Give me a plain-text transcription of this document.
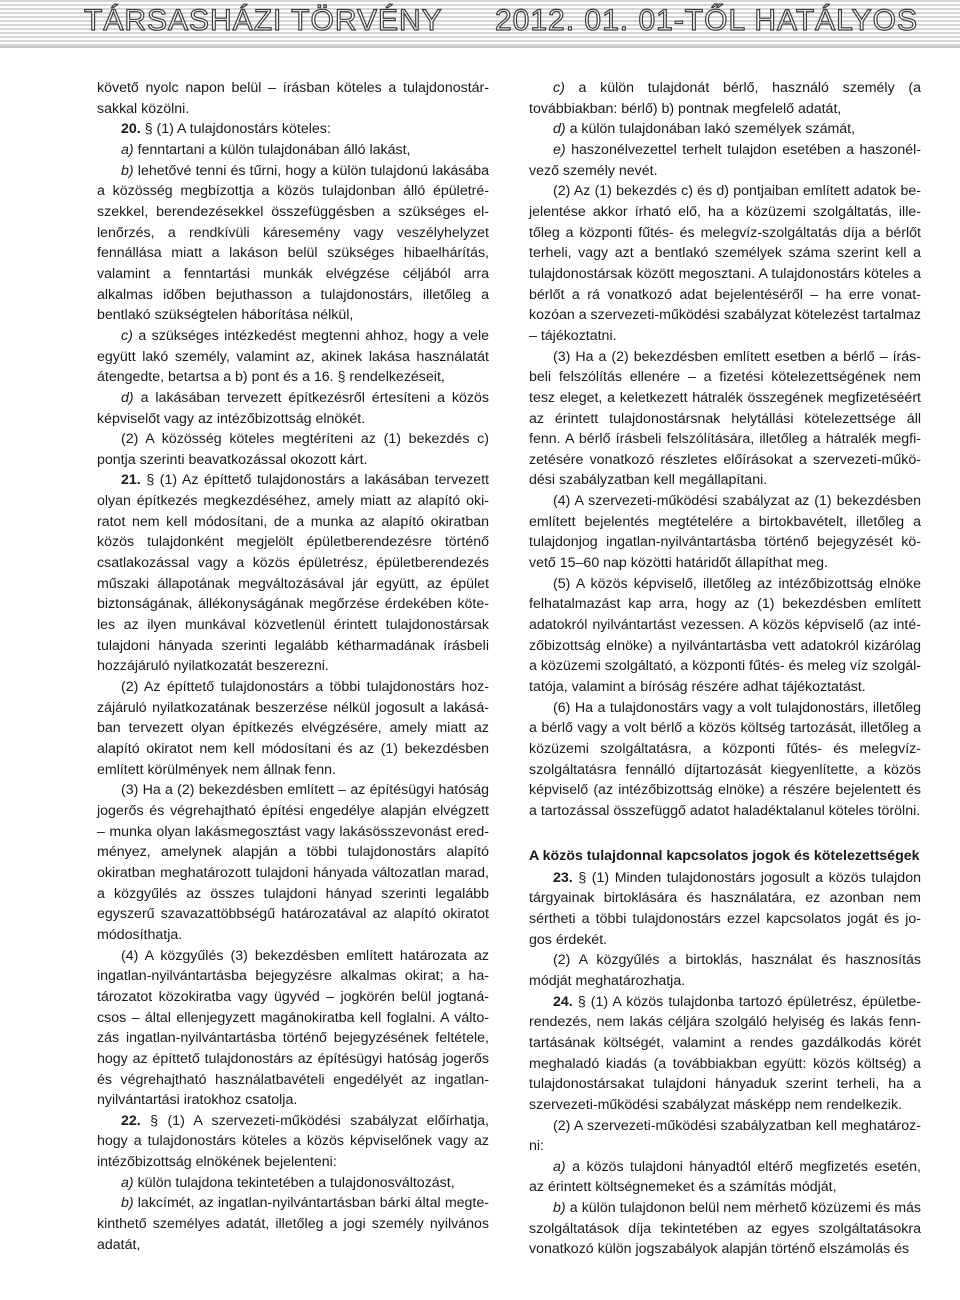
TÁRSASHÁZI TÖRVÉNY 2012. 01. 01-TŐL HATÁLYOS

követő nyolc napon belül – írásban köteles a tulajdonostársakkal közölni.

20. § (1) A tulajdonostárs köteles:

a) fenntartani a külön tulajdonában álló lakást,

b) lehetővé tenni és tűrni, hogy a külön tulajdonú lakásába a közösség megbízottja a közös tulajdonban álló épületrészekkel, berendezésekkel összefüggésben a szükséges ellenőrzés, a rendkívüli káresemény vagy veszélyhelyzet fennállása miatt a lakáson belül szükséges hibaelhárítás, valamint a fenntartási munkák elvégzése céljából arra alkalmas időben bejuthasson a tulajdonostárs, illetőleg a bentlakó szükségtelen háborítása nélkül,

c) a szükséges intézkedést megtenni ahhoz, hogy a vele együtt lakó személy, valamint az, akinek lakása használatát átengedte, betartsa a b) pont és a 16. § rendelkezéseit,

d) a lakásában tervezett építkezésről értesíteni a közös képviselőt vagy az intézőbizottság elnökét.

(2) A közösség köteles megtéríteni az (1) bekezdés c) pontja szerinti beavatkozással okozott kárt.

21. § (1) Az építtető tulajdonostárs a lakásában tervezett olyan építkezés megkezdéséhez, amely miatt az alapító okiratot nem kell módosítani, de a munka az alapító okiratban közös tulajdonként megjelölt épületberendezésre történő csatlakozással vagy a közös épületrész, épületberendezés műszaki állapotának megváltozásával jár együtt, az épület biztonságának, állékonyságának megőrzése érdekében köteles az ilyen munkával közvetlenül érintett tulajdonostársak tulajdoni hányada szerinti legalább kétharmadának írásbeli hozzájáruló nyilatkozatát beszerezni.

(2) Az építtető tulajdonostárs a többi tulajdonostárs hozzájáruló nyilatkozatának beszerzése nélkül jogosult a lakásában tervezett olyan építkezés elvégzésére, amely miatt az alapító okiratot nem kell módosítani és az (1) bekezdésben említett körülmények nem állnak fenn.

(3) Ha a (2) bekezdésben említett – az építésügyi hatóság jogerős és végrehajtható építési engedélye alapján elvégzett – munka olyan lakásmegosztást vagy lakásösszevonást eredményez, amelynek alapján a többi tulajdonostárs alapító okiratban meghatározott tulajdoni hányada változatlan marad, a közgyűlés az összes tulajdoni hányad szerinti legalább egyszerű szavazattöbbségű határozatával az alapító okiratot módosíthatja.

(4) A közgyűlés (3) bekezdésben említett határozata az ingatlan-nyilvántartásba bejegyzésre alkalmas okirat; a határozatot közokiratba vagy ügyvéd – jogkörén belül jogtanácsos – által ellenjegyzett magánokiratba kell foglalni. A változás ingatlan-nyilvántartásba történő bejegyzésének feltétele, hogy az építtető tulajdonostárs az építésügyi hatóság jogerős és végrehajtható használatbavételi engedélyét az ingatlannyilvántartási iratokhoz csatolja.

22. § (1) A szervezeti-működési szabályzat előírhatja, hogy a tulajdonostárs köteles a közös képviselőnek vagy az intézőbizottság elnökének bejelenteni:

a) külön tulajdona tekintetében a tulajdonosváltozást,

b) lakcímét, az ingatlan-nyilvántartásban bárki által megtekinthető személyes adatát, illetőleg a jogi személy nyilvános adatát,

c) a külön tulajdonát bérlő, használó személy (a továbbiakban: bérlő) b) pontnak megfelelő adatát,

d) a külön tulajdonában lakó személyek számát,

e) haszonélvezettel terhelt tulajdon esetében a haszonélvező személy nevét.

(2) Az (1) bekezdés c) és d) pontjaiban említett adatok bejelentése akkor írható elő, ha a közüzemi szolgáltatás, illetőleg a központi fűtés- és melegvíz-szolgáltatás díja a bérlőt terheli, vagy azt a bentlakó személyek száma szerint kell a tulajdonostársak között megosztani. A tulajdonostárs köteles a bérlőt a rá vonatkozó adat bejelentéséről – ha erre vonatkozóan a szervezeti-működési szabályzat kötelezést tartalmaz – tájékoztatni.

(3) Ha a (2) bekezdésben említett esetben a bérlő – írásbeli felszólítás ellenére – a fizetési kötelezettségének nem tesz eleget, a keletkezett hátralék összegének megfizetéséért az érintett tulajdonostársnak helytállási kötelezettsége áll fenn. A bérlő írásbeli felszólítására, illetőleg a hátralék megfizetésére vonatkozó részletes előírásokat a szervezeti-működési szabályzatban kell megállapítani.

(4) A szervezeti-működési szabályzat az (1) bekezdésben említett bejelentés megtételére a birtokbavételt, illetőleg a tulajdonjog ingatlan-nyilvántartásba történő bejegyzését követő 15–60 nap közötti határidőt állapíthat meg.

(5) A közös képviselő, illetőleg az intézőbizottság elnöke felhatalmazást kap arra, hogy az (1) bekezdésben említett adatokról nyilvántartást vezessen. A közös képviselő (az intézőbizottság elnöke) a nyilvántartásba vett adatokról kizárólag a közüzemi szolgáltató, a központi fűtés- és meleg víz szolgáltatója, valamint a bíróság részére adhat tájékoztatást.

(6) Ha a tulajdonostárs vagy a volt tulajdonostárs, illetőleg a bérlő vagy a volt bérlő a közös költség tartozását, illetőleg a közüzemi szolgáltatásra, a központi fűtés- és melegvíz-szolgáltatásra fennálló díjtartozását kiegyenlítette, a közös képviselő (az intézőbizottság elnöke) a részére bejelentett és a tartozással összefüggő adatot haladéktalanul köteles törölni.

A közös tulajdonnal kapcsolatos jogok és kötelezettségek

23. § (1) Minden tulajdonostárs jogosult a közös tulajdon tárgyainak birtoklására és használatára, ez azonban nem sértheti a többi tulajdonostárs ezzel kapcsolatos jogát és jogos érdekét.

(2) A közgyűlés a birtoklás, használat és hasznosítás módját meghatározhatja.

24. § (1) A közös tulajdonba tartozó épületrész, épületberendezés, nem lakás céljára szolgáló helyiség és lakás fenntartásának költségét, valamint a rendes gazdálkodás körét meghaladó kiadás (a továbbiakban együtt: közös költség) a tulajdonostársakat tulajdoni hányaduk szerint terheli, ha a szervezeti-működési szabályzat másképp nem rendelkezik.

(2) A szervezeti-működési szabályzatban kell meghatározni:

a) a közös tulajdoni hányadtól eltérő megfizetés esetén, az érintett költségnemeket és a számítás módját,

b) a külön tulajdonon belül nem mérhető közüzemi és más szolgáltatások díja tekintetében az egyes szolgáltatásokra vonatkozó külön jogszabályok alapján történő elszámolás és
